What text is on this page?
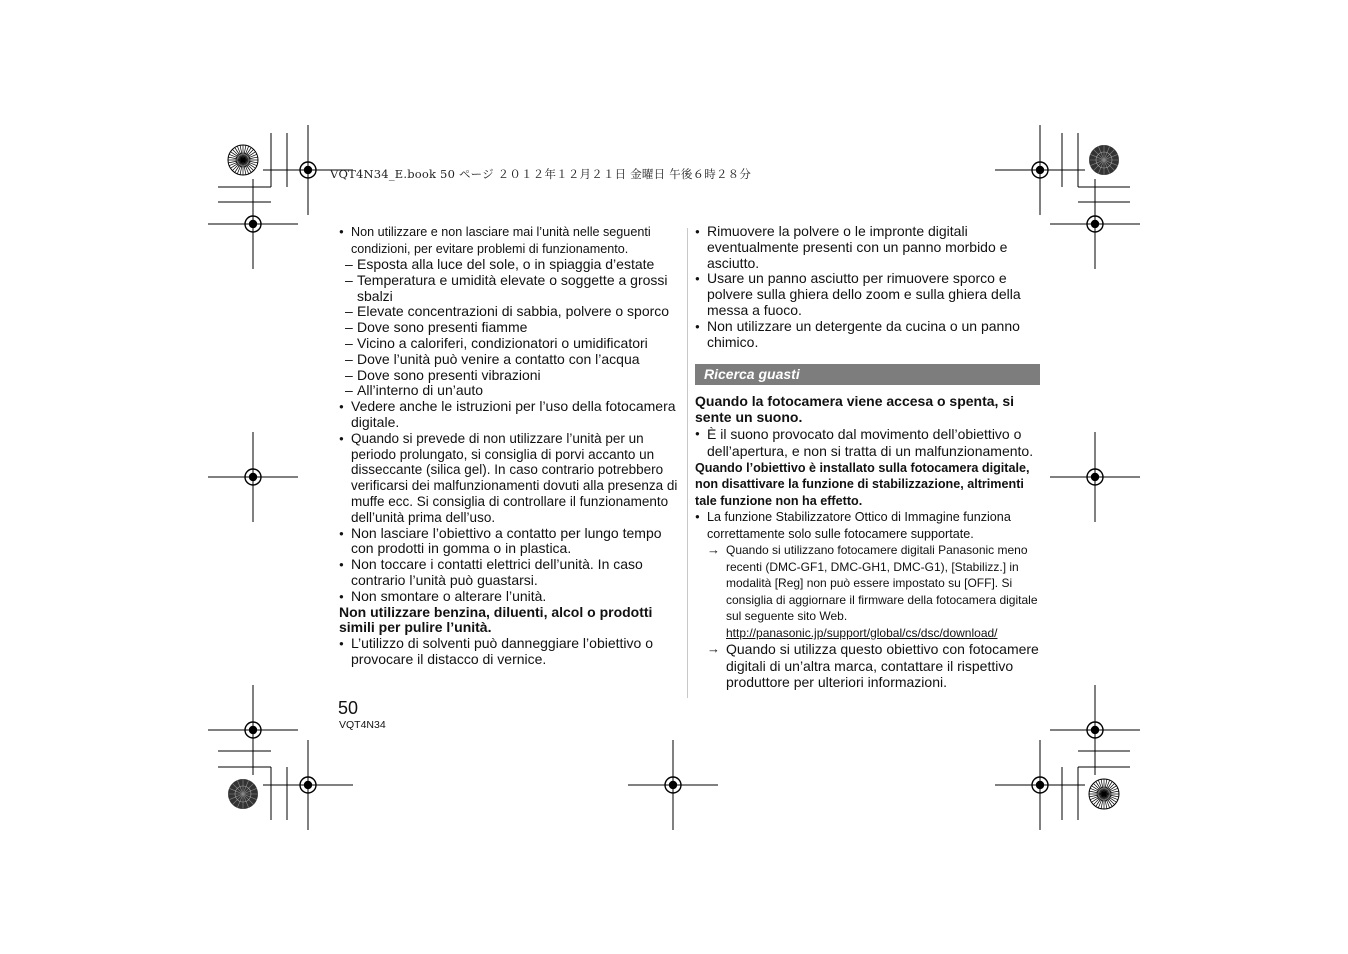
VQT4N34_E.book 50 ページ ２０１２年１２月２１日 金曜日 午後６時２８分
● Non utilizzare e non lasciare mai l’unità nelle seguenti condizioni, per evitare problemi di funzionamento.
– Esposta alla luce del sole, o in spiaggia d’estate
– Temperatura e umidità elevate o soggette a grossi sbalzi
– Elevate concentrazioni di sabbia, polvere o sporco
– Dove sono presenti fiamme
– Vicino a caloriferi, condizionatori o umidificatori
– Dove l’unità può venire a contatto con l’acqua
– Dove sono presenti vibrazioni
– All’interno di un’auto
● Vedere anche le istruzioni per l’uso della fotocamera digitale.
● Quando si prevede di non utilizzare l’unità per un periodo prolungato, si consiglia di porvi accanto un disseccante (silica gel). In caso contrario potrebbero verificarsi dei malfunzionamenti dovuti alla presenza di muffe ecc. Si consiglia di controllare il funzionamento dell’unità prima dell’uso.
● Non lasciare l’obiettivo a contatto per lungo tempo con prodotti in gomma o in plastica.
● Non toccare i contatti elettrici dell’unità. In caso contrario l’unità può guastarsi.
● Non smontare o alterare l’unità.
Non utilizzare benzina, diluenti, alcol o prodotti simili per pulire l’unità.
● L’utilizzo di solventi può danneggiare l’obiettivo o provocare il distacco di vernice.
● Rimuovere la polvere o le impronte digitali eventualmente presenti con un panno morbido e asciutto.
● Usare un panno asciutto per rimuovere sporco e polvere sulla ghiera dello zoom e sulla ghiera della messa a fuoco.
● Non utilizzare un detergente da cucina o un panno chimico.
Ricerca guasti
Quando la fotocamera viene accesa o spenta, si sente un suono.
● È il suono provocato dal movimento dell’obiettivo o dell’apertura, e non si tratta di un malfunzionamento.
Quando l’obiettivo è installato sulla fotocamera digitale, non disattivare la funzione di stabilizzazione, altrimenti tale funzione non ha effetto.
● La funzione Stabilizzatore Ottico di Immagine funziona correttamente solo sulle fotocamere supportate.
→ Quando si utilizzano fotocamere digitali Panasonic meno recenti (DMC-GF1, DMC-GH1, DMC-G1), [Stabilizz.] in modalità [Reg] non può essere impostato su [OFF]. Si consiglia di aggiornare il firmware della fotocamera digitale sul seguente sito Web.
http://panasonic.jp/support/global/cs/dsc/download/
→ Quando si utilizza questo obiettivo con fotocamere digitali di un’altra marca, contattare il rispettivo produttore per ulteriori informazioni.
50
VQT4N34
